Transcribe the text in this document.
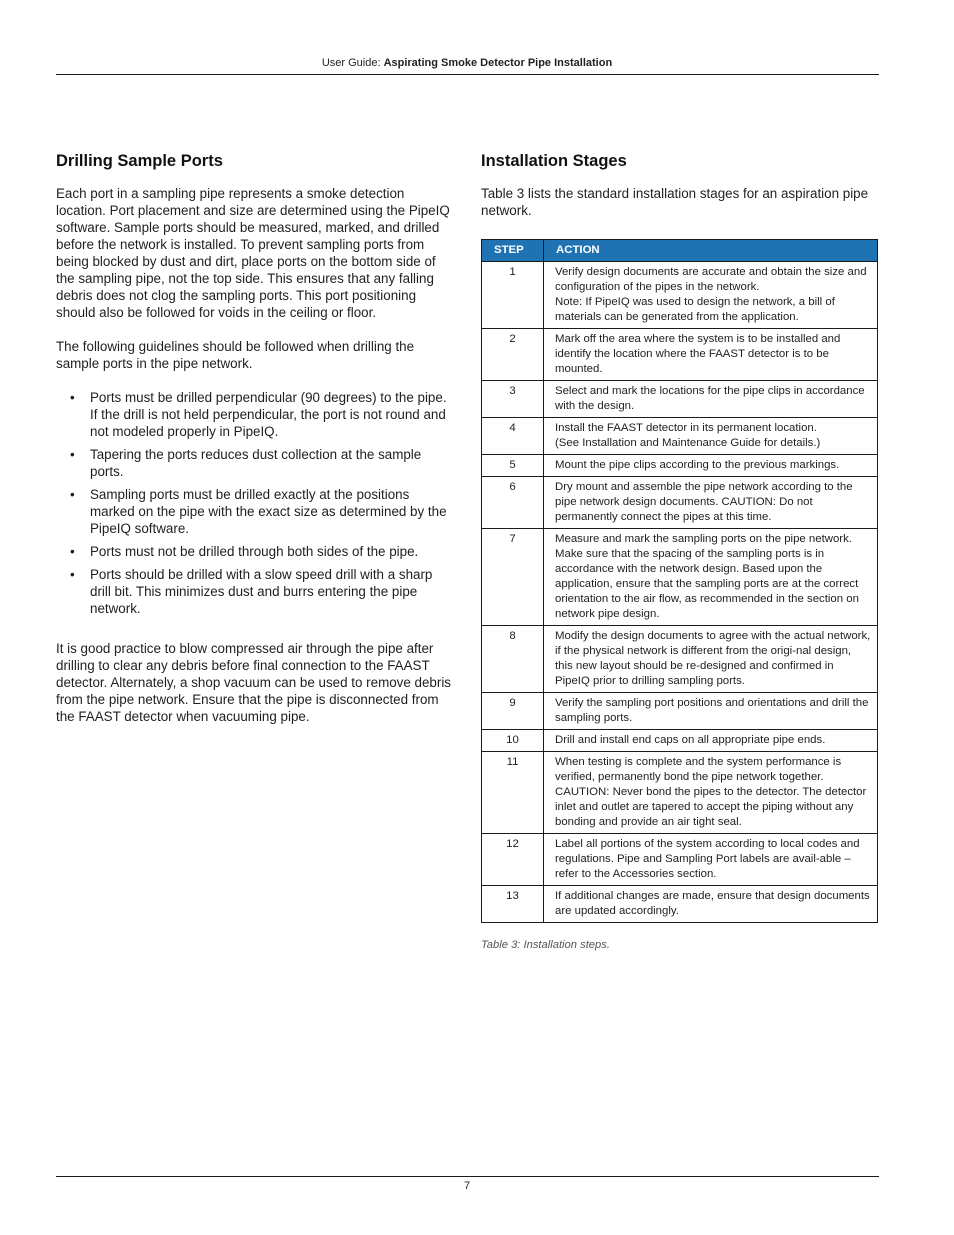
User Guide: Aspirating Smoke Detector Pipe Installation
Drilling Sample Ports

Each port in a sampling pipe represents a smoke detection location. Port placement and size are determined using the PipeIQ software. Sample ports should be measured, marked, and drilled before the network is installed. To prevent sampling ports from being blocked by dust and dirt, place ports on the bottom side of the sampling pipe, not the top side. This ensures that any falling debris does not clog the sampling ports. This port positioning should also be followed for voids in the ceiling or floor.

The following guidelines should be followed when drilling the sample ports in the pipe network.

• Ports must be drilled perpendicular (90 degrees) to the pipe. If the drill is not held perpendicular, the port is not round and not modeled properly in PipeIQ.
• Tapering the ports reduces dust collection at the sample ports.
• Sampling ports must be drilled exactly at the positions marked on the pipe with the exact size as determined by the PipeIQ software.
• Ports must not be drilled through both sides of the pipe.
• Ports should be drilled with a slow speed drill with a sharp drill bit. This minimizes dust and burrs entering the pipe network.

It is good practice to blow compressed air through the pipe after drilling to clear any debris before final connection to the FAAST detector. Alternately, a shop vacuum can be used to remove debris from the pipe network. Ensure that the pipe is disconnected from the FAAST detector when vacuuming pipe.

Installation Stages

Table 3 lists the standard installation stages for an aspiration pipe network.

STEP	ACTION
1	Verify design documents are accurate and obtain the size and configuration of the pipes in the network.
Note: If PipeIQ was used to design the network, a bill of materials can be generated from the application.

2	Mark off the area where the system is to be installed and identify the location where the FAAST detector is to be mounted.
3	Select and mark the locations for the pipe clips in accordance with the design.
4	Install the FAAST detector in its permanent location.
(See Installation and Maintenance Guide for details.)

5	Mount the pipe clips according to the previous markings.
6	Dry mount and assemble the pipe network according to the pipe network design documents. CAUTION: Do not permanently connect the pipes at this time.
7	Measure and mark the sampling ports on the pipe network. Make sure that the spacing of the sampling ports is in accordance with the network design. Based upon the application, ensure that the sampling ports are at the correct orientation to the air flow, as recommended in the section on network pipe design.
8	Modify the design documents to agree with the actual network, if the physical network is different from the origi-nal design, this new layout should be re-designed and confirmed in PipeIQ prior to drilling sampling ports.
9	Verify the sampling port positions and orientations and drill the sampling ports.
10	Drill and install end caps on all appropriate pipe ends.
11	When testing is complete and the system performance is verified, permanently bond the pipe network together. CAUTION: Never bond the pipes to the detector. The detector inlet and outlet are tapered to accept the piping without any bonding and provide an air tight seal.
12	Label all portions of the system according to local codes and regulations. Pipe and Sampling Port labels are avail-able – refer to the Accessories section.
13	If additional changes are made, ensure that design documents are updated accordingly.
Table 3: Installation steps.
7
